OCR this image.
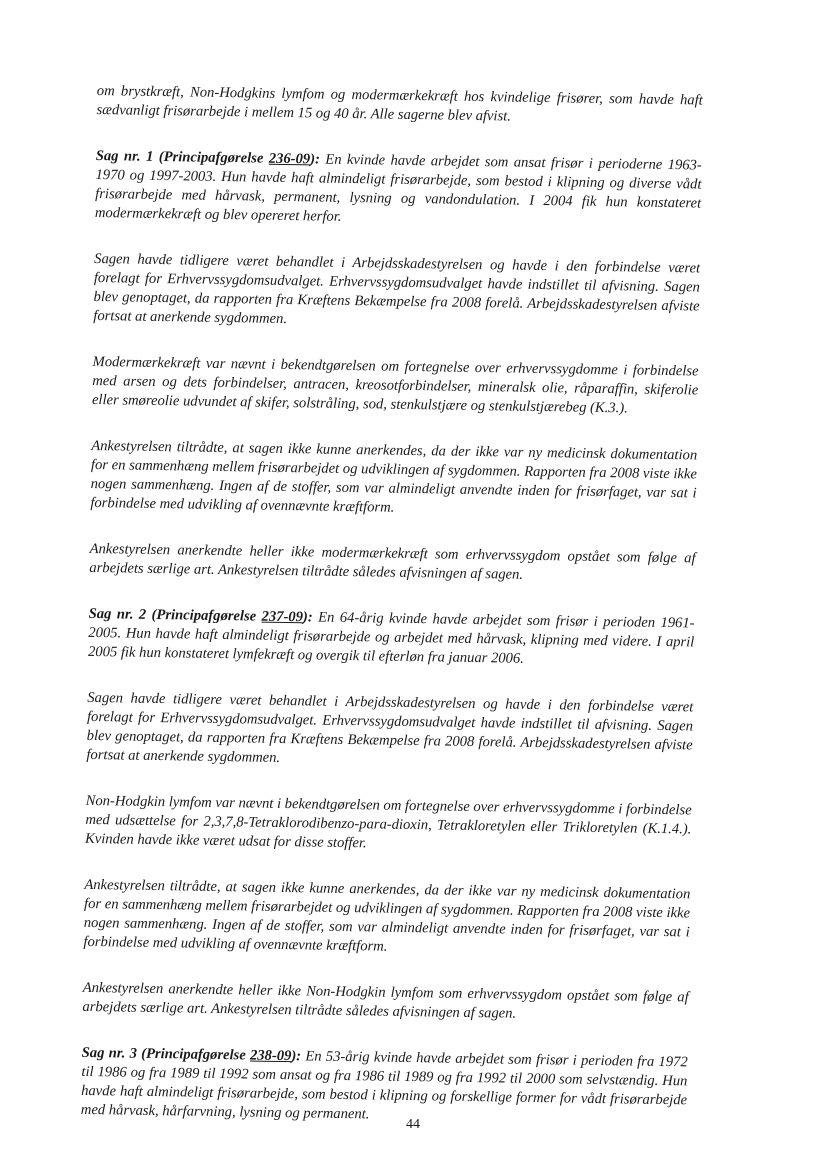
om brystkræft, Non-Hodgkins lymfom og modermærkekræft hos kvindelige frisører, som havde haft sædvanligt frisørarbejde i mellem 15 og 40 år. Alle sagerne blev afvist.

Sag nr. 1 (Principafgørelse 236-09): En kvinde havde arbejdet som ansat frisør i perioderne 1963-1970 og 1997-2003. Hun havde haft almindeligt frisørarbejde, som bestod i klipning og diverse vådt frisørarbejde med hårvask, permanent, lysning og vandondulation. I 2004 fik hun konstateret modermærkekræft og blev opereret herfor.

Sagen havde tidligere været behandlet i Arbejdsskadestyrelsen og havde i den forbindelse været forelagt for Erhvervssygdomsudvalget. Erhvervssygdomsudvalget havde indstillet til afvisning. Sagen blev genoptaget, da rapporten fra Kræftens Bekæmpelse fra 2008 forelå. Arbejdsskadestyrelsen afviste fortsat at anerkende sygdommen.

Modermærkekræft var nævnt i bekendtgørelsen om fortegnelse over erhvervssygdomme i forbindelse med arsen og dets forbindelser, antracen, kreosotforbindelser, mineralsk olie, råparaffin, skiferolie eller smøreolie udvundet af skifer, solstråling, sod, stenkulstjære og stenkulstjærebeg (K.3.).

Ankestyrelsen tiltrådte, at sagen ikke kunne anerkendes, da der ikke var ny medicinsk dokumentation for en sammenhæng mellem frisørarbejdet og udviklingen af sygdommen. Rapporten fra 2008 viste ikke nogen sammenhæng. Ingen af de stoffer, som var almindeligt anvendte inden for frisørfaget, var sat i forbindelse med udvikling af ovennævnte kræftform.

Ankestyrelsen anerkendte heller ikke modermærkekræft som erhvervssygdom opstået som følge af arbejdets særlige art. Ankestyrelsen tiltrådte således afvisningen af sagen.

Sag nr. 2 (Principafgørelse 237-09): En 64-årig kvinde havde arbejdet som frisør i perioden 1961-2005. Hun havde haft almindeligt frisørarbejde og arbejdet med hårvask, klipning med videre. I april 2005 fik hun konstateret lymfekræft og overgik til efterløn fra januar 2006.

Sagen havde tidligere været behandlet i Arbejdsskadestyrelsen og havde i den forbindelse været forelagt for Erhvervssygdomsudvalget. Erhvervssygdomsudvalget havde indstillet til afvisning. Sagen blev genoptaget, da rapporten fra Kræftens Bekæmpelse fra 2008 forelå. Arbejdsskadestyrelsen afviste fortsat at anerkende sygdommen.

Non-Hodgkin lymfom var nævnt i bekendtgørelsen om fortegnelse over erhvervssygdomme i forbindelse med udsættelse for 2,3,7,8-Tetraklorodibenzo-para-dioxin, Tetrakloretylen eller Trikloretylen (K.1.4.). Kvinden havde ikke været udsat for disse stoffer.

Ankestyrelsen tiltrådte, at sagen ikke kunne anerkendes, da der ikke var ny medicinsk dokumentation for en sammenhæng mellem frisørarbejdet og udviklingen af sygdommen. Rapporten fra 2008 viste ikke nogen sammenhæng. Ingen af de stoffer, som var almindeligt anvendte inden for frisørfaget, var sat i forbindelse med udvikling af ovennævnte kræftform.

Ankestyrelsen anerkendte heller ikke Non-Hodgkin lymfom som erhvervssygdom opstået som følge af arbejdets særlige art. Ankestyrelsen tiltrådte således afvisningen af sagen.

Sag nr. 3 (Principafgørelse 238-09): En 53-årig kvinde havde arbejdet som frisør i perioden fra 1972 til 1986 og fra 1989 til 1992 som ansat og fra 1986 til 1989 og fra 1992 til 2000 som selvstændig. Hun havde haft almindeligt frisørarbejde, som bestod i klipning og forskellige former for vådt frisørarbejde med hårvask, hårfarvning, lysning og permanent.

44
